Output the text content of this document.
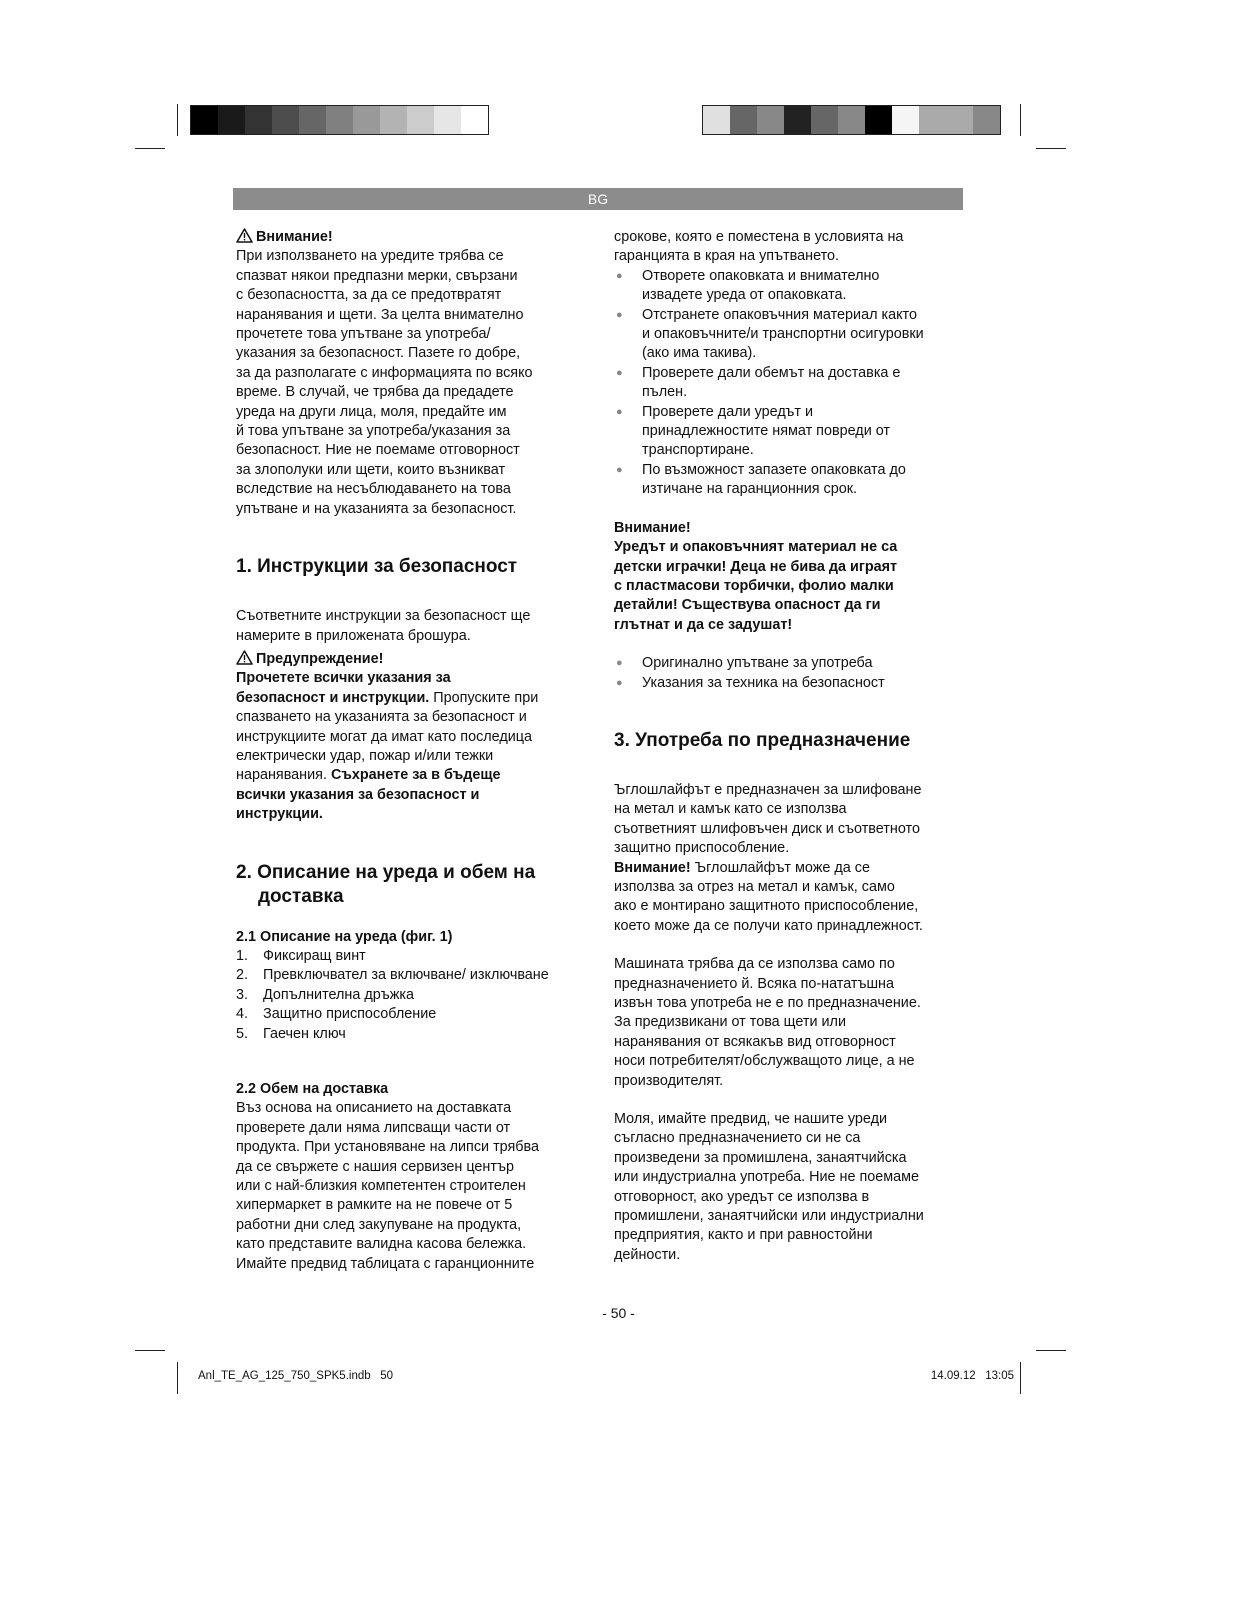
BG

Внимание!

При използването на уредите трябва се

спазват някои предпазни мерки, свързани

с безопасността, за да се предотвратят

наранявания и щети. За целта внимателно

прочетете това упътване за употреба/

указания за безопасност. Пазете го добре,

за да разполагате с информацията по всяко

време. В случай, че трябва да предадете

уреда на други лица, моля, предайте им

й това упътване за употреба/указания за

безопасност. Ние не поемаме отговорност

за злополуки или щети, които възникват

вследствие на несъблюдаването на това

упътване и на указанията за безопасност.

1. Инструкции за безопасност

Съответните инструкции за безопасност ще

намерите в приложената брошура.

Предупреждение!

Прочетете всички указания за

безопасност и инструкции. Пропуските при

спазването на указанията за безопасност и

инструкциите могат да имат като последица

електрически удар, пожар и/или тежки

наранявания. Съхранете за в бъдеще

всички указания за безопасност и

инструкции.

2. Описание на уреда и обем на
доставка

2.1 Описание на уреда (фиг. 1)

1.	Фиксиращ винт
2.	Превключвател за включване/ изключване
3.	Допълнителна дръжка
4.	Защитно приспособление
5.	Гаечен ключ

2.2 Обем на доставка

Въз основа на описанието на доставката

проверете дали няма липсващи части от

продукта. При установяване на липси трябва

да се свържете с нашия сервизен център

или с най-близкия компетентен строителен

хипермаркет в рамките на не повече от 5

работни дни след закупуване на продукта,

като представите валидна касова бележка.

Имайте предвид таблицата с гаранционните

срокове, която е поместена в условията на

гаранцията в края на упътването.

●	Отворете опаковката и внимателно
извадете уреда от опаковката.
●	Отстранете опаковъчния материал както
и опаковъчните/и транспортни осигуровки
(ако има такива).
●	Проверете дали обемът на доставка е
пълен.
●	Проверете дали уредът и
принадлежностите нямат повреди от
транспортиране.
●	По възможност запазете опаковката до
изтичане на гаранционния срок.

Внимание!

Уредът и опаковъчният материал не са

детски играчки! Деца не бива да играят

с пластмасови торбички, фолио малки

детайли! Съществува опасност да ги

глътнат и да се задушат!

●	Оригинално упътване за употреба
●	Указания за техника на безопасност

3. Употреба по предназначение

Ъглошлайфът е предназначен за шлифоване

на метал и камък като се използва

съответният шлифовъчен диск и съответното

защитно приспособление.

Внимание! Ъглошлайфът може да се

използва за отрез на метал и камък, само

ако е монтирано защитното приспособление,

което може да се получи като принадлежност.

Машината трябва да се използва само по

предназначението й. Всяка по-нататъшна

извън това употреба не е по предназначение.

За предизвикани от това щети или

наранявания от всякакъв вид отговорност

носи потребителят/обслужващото лице, а не

производителят.

Моля, имайте предвид, че нашите уреди

съгласно предназначението си не са

произведени за промишлена, занаятчийска

или индустриална употреба. Ние не поемаме

отговорност, ако уредът се използва в

промишлени, занаятчийски или индустриални

предприятия, както и при равностойни

дейности.

- 50 -
Anl_TE_AG_125_750_SPK5.indb   50	14.09.12   13:05
